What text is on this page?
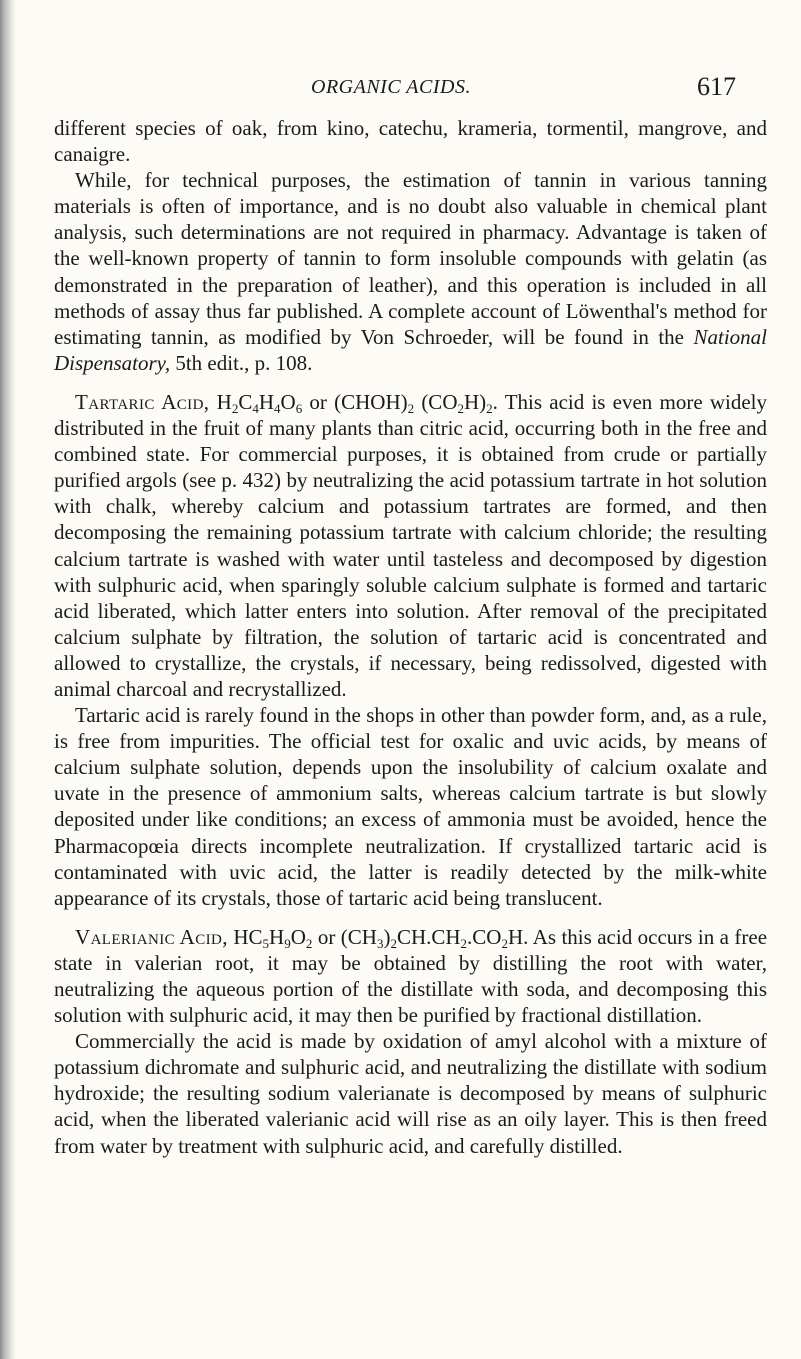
ORGANIC ACIDS.	617

different species of oak, from kino, catechu, krameria, tormentil, mangrove, and canaigre.

While, for technical purposes, the estimation of tannin in various tanning materials is often of importance, and is no doubt also valuable in chemical plant analysis, such determinations are not required in pharmacy. Advantage is taken of the well-known property of tannin to form insoluble compounds with gelatin (as demonstrated in the preparation of leather), and this operation is included in all methods of assay thus far published. A complete account of Löwenthal's method for estimating tannin, as modified by Von Schroeder, will be found in the National Dispensatory, 5th edit., p. 108.

Tartaric Acid, $H_2C_4H_4O_6$ or $(CHOH)_2$ $(CO_2H)_2$. This acid is even more widely distributed in the fruit of many plants than citric acid, occurring both in the free and combined state. For commercial purposes, it is obtained from crude or partially purified argols (see p. 432) by neutralizing the acid potassium tartrate in hot solution with chalk, whereby calcium and potassium tartrates are formed, and then decomposing the remaining potassium tartrate with calcium chloride; the resulting calcium tartrate is washed with water until tasteless and decomposed by digestion with sulphuric acid, when sparingly soluble calcium sulphate is formed and tartaric acid liberated, which latter enters into solution. After removal of the precipitated calcium sulphate by filtration, the solution of tartaric acid is concentrated and allowed to crystallize, the crystals, if necessary, being redissolved, digested with animal charcoal and recrystallized.

Tartaric acid is rarely found in the shops in other than powder form, and, as a rule, is free from impurities. The official test for oxalic and uvic acids, by means of calcium sulphate solution, depends upon the insolubility of calcium oxalate and uvate in the presence of ammonium salts, whereas calcium tartrate is but slowly deposited under like conditions; an excess of ammonia must be avoided, hence the Pharmacopœia directs incomplete neutralization. If crystallized tartaric acid is contaminated with uvic acid, the latter is readily detected by the milk-white appearance of its crystals, those of tartaric acid being translucent.

Valerianic Acid, $HC_5H_9O_2$ or $(CH_3)_2CH.CH_2.CO_2H$. As this acid occurs in a free state in valerian root, it may be obtained by distilling the root with water, neutralizing the aqueous portion of the distillate with soda, and decomposing this solution with sulphuric acid, it may then be purified by fractional distillation.

Commercially the acid is made by oxidation of amyl alcohol with a mixture of potassium dichromate and sulphuric acid, and neutralizing the distillate with sodium hydroxide; the resulting sodium valerianate is decomposed by means of sulphuric acid, when the liberated valerianic acid will rise as an oily layer. This is then freed from water by treatment with sulphuric acid, and carefully distilled.
